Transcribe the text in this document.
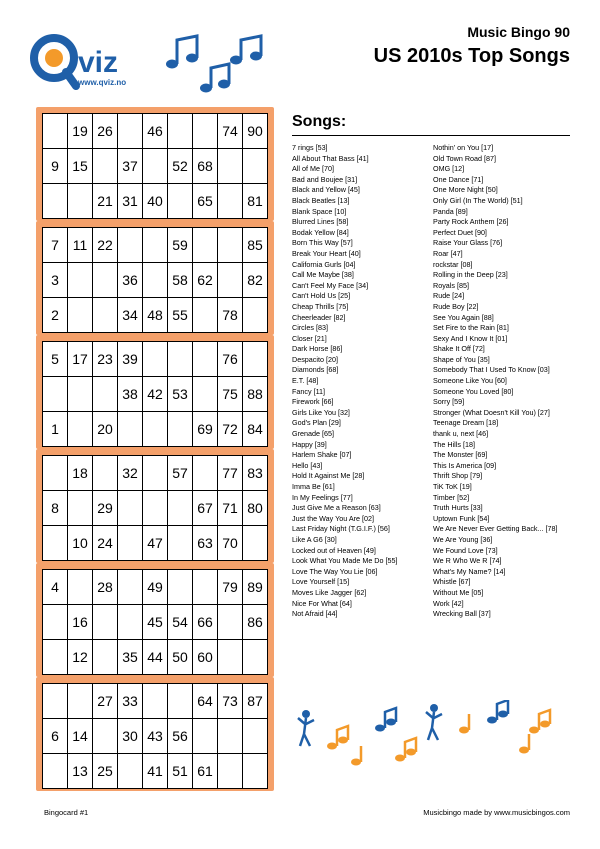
viz
www.qviz.no
Music Bingo 90
US 2010s Top Songs
	19	26		46			74	90
9	15		37		52	68		
		21	31	40		65		81
7	11	22			59			85
3			36		58	62		82
2			34	48	55		78	
5	17	23	39				76	
			38	42	53		75	88
1		20				69	72	84
	18		32		57		77	83
8		29				67	71	80
	10	24		47		63	70	
4		28		49			79	89
	16			45	54	66		86
	12		35	44	50	60		
		27	33			64	73	87
6	14		30	43	56			
	13	25		41	51	61		
Songs:
7 rings [53]
All About That Bass [41]
All of Me [70]
Bad and Boujee [31]
Black and Yellow [45]
Black Beatles [13]
Blank Space [10]
Blurred Lines [58]
Bodak Yellow [84]
Born This Way [57]
Break Your Heart [40]
California Gurls [04]
Call Me Maybe [38]
Can't Feel My Face [34]
Can't Hold Us [25]
Cheap Thrills [75]
Cheerleader [82]
Circles [83]
Closer [21]
Dark Horse [86]
Despacito [20]
Diamonds [68]
E.T. [48]
Fancy [11]
Firework [66]
Girls Like You [32]
God's Plan [29]
Grenade [65]
Happy [39]
Harlem Shake [07]
Hello [43]
Hold It Against Me [28]
Imma Be [61]
In My Feelings [77]
Just Give Me a Reason [63]
Just the Way You Are [02]
Last Friday Night (T.G.I.F.) [56]
Like A G6 [30]
Locked out of Heaven [49]
Look What You Made Me Do [55]
Love The Way You Lie [06]
Love Yourself [15]
Moves Like Jagger [62]
Nice For What [64]
Not Afraid [44]
Nothin' on You [17]
Old Town Road [87]
OMG [12]
One Dance [71]
One More Night [50]
Only Girl (In The World) [51]
Panda [89]
Party Rock Anthem [26]
Perfect Duet [90]
Raise Your Glass [76]
Roar [47]
rockstar [08]
Rolling in the Deep [23]
Royals [85]
Rude [24]
Rude Boy [22]
See You Again [88]
Set Fire to the Rain [81]
Sexy And I Know It [01]
Shake It Off [72]
Shape of You [35]
Somebody That I Used To Know [03]
Someone Like You [60]
Someone You Loved [80]
Sorry [59]
Stronger (What Doesn't Kill You) [27]
Teenage Dream [18]
thank u, next [46]
The Hills [18]
The Monster [69]
This Is America [09]
Thrift Shop [79]
TiK ToK [19]
Timber [52]
Truth Hurts [33]
Uptown Funk [54]
We Are Never Ever Getting Back... [78]
We Are Young [36]
We Found Love [73]
We R Who We R [74]
What's My Name? [14]
Whistle [67]
Without Me [05]
Work [42]
Wrecking Ball [37]
Bingocard #1	Musicbingo made by www.musicbingos.com
